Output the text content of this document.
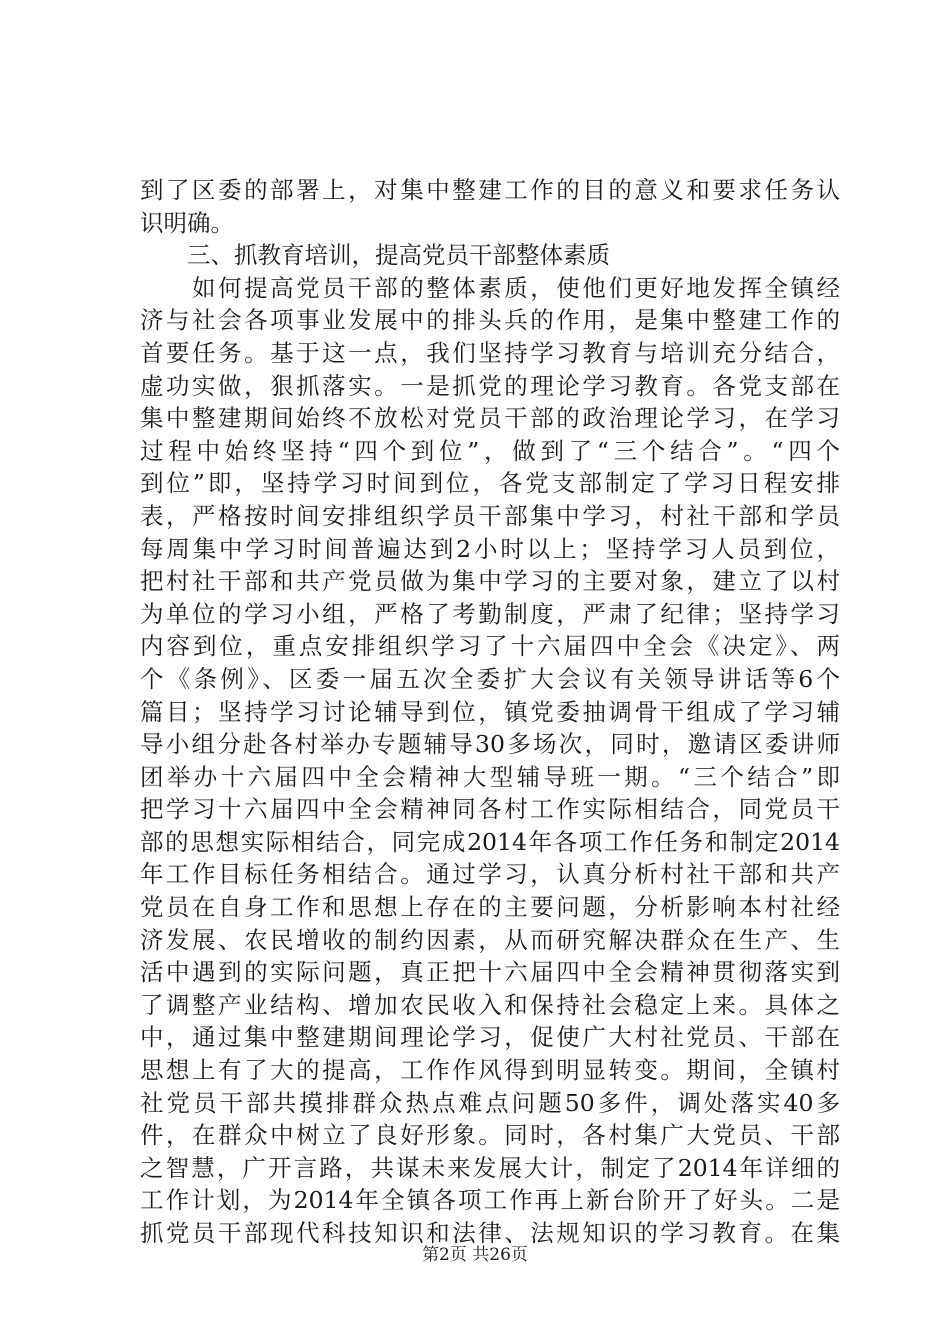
到了区委的部署上，对集中整建工作的目的意义和要求任务认
识明确。
　　三、抓教育培训，提高党员干部整体素质
　　如何提高党员干部的整体素质，使他们更好地发挥全镇经
济与社会各项事业发展中的排头兵的作用，是集中整建工作的
首要任务。基于这一点，我们坚持学习教育与培训充分结合，
虚功实做，狠抓落实。一是抓党的理论学习教育。各党支部在
集中整建期间始终不放松对党员干部的政治理论学习，在学习
过程中始终坚持“四个到位”，做到了“三个结合”。“四个
到位”即，坚持学习时间到位，各党支部制定了学习日程安排
表，严格按时间安排组织学员干部集中学习，村社干部和学员
每周集中学习时间普遍达到2小时以上；坚持学习人员到位，
把村社干部和共产党员做为集中学习的主要对象，建立了以村
为单位的学习小组，严格了考勤制度，严肃了纪律；坚持学习
内容到位，重点安排组织学习了十六届四中全会《决定》、两
个《条例》、区委一届五次全委扩大会议有关领导讲话等6个
篇目；坚持学习讨论辅导到位，镇党委抽调骨干组成了学习辅
导小组分赴各村举办专题辅导30多场次，同时，邀请区委讲师
团举办十六届四中全会精神大型辅导班一期。“三个结合”即
把学习十六届四中全会精神同各村工作实际相结合，同党员干
部的思想实际相结合，同完成2014年各项工作任务和制定2014
年工作目标任务相结合。通过学习，认真分析村社干部和共产
党员在自身工作和思想上存在的主要问题，分析影响本村社经
济发展、农民增收的制约因素，从而研究解决群众在生产、生
活中遇到的实际问题，真正把十六届四中全会精神贯彻落实到
了调整产业结构、增加农民收入和保持社会稳定上来。具体之
中，通过集中整建期间理论学习，促使广大村社党员、干部在
思想上有了大的提高，工作作风得到明显转变。期间，全镇村
社党员干部共摸排群众热点难点问题50多件，调处落实40多
件，在群众中树立了良好形象。同时，各村集广大党员、干部
之智慧，广开言路，共谋未来发展大计，制定了2014年详细的
工作计划，为2014年全镇各项工作再上新台阶开了好头。二是
抓党员干部现代科技知识和法律、法规知识的学习教育。在集
第2页 共26页
